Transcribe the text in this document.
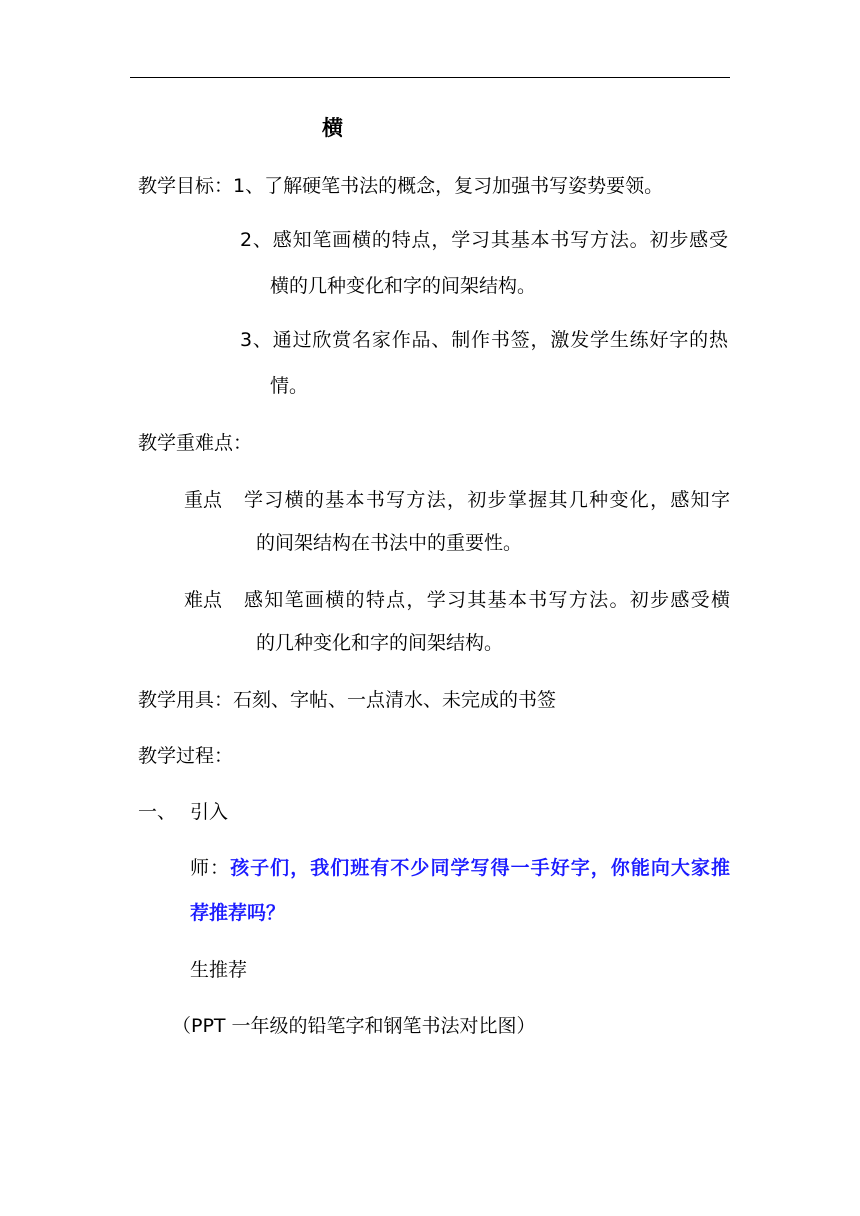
横
教学目标：1、了解硬笔书法的概念，复习加强书写姿势要领。
2、感知笔画横的特点，学习其基本书写方法。初步感受
横的几种变化和字的间架结构。
3、通过欣赏名家作品、制作书签，激发学生练好字的热
情。
教学重难点：
重点 学习横的基本书写方法，初步掌握其几种变化，感知字
的间架结构在书法中的重要性。
难点 感知笔画横的特点，学习其基本书写方法。初步感受横
的几种变化和字的间架结构。
教学用具：石刻、字帖、一点清水、未完成的书签
教学过程：
一、 引入
师：孩子们，我们班有不少同学写得一手好字，你能向大家推
荐推荐吗？
生推荐
（PPT 一年级的铅笔字和钢笔书法对比图）
